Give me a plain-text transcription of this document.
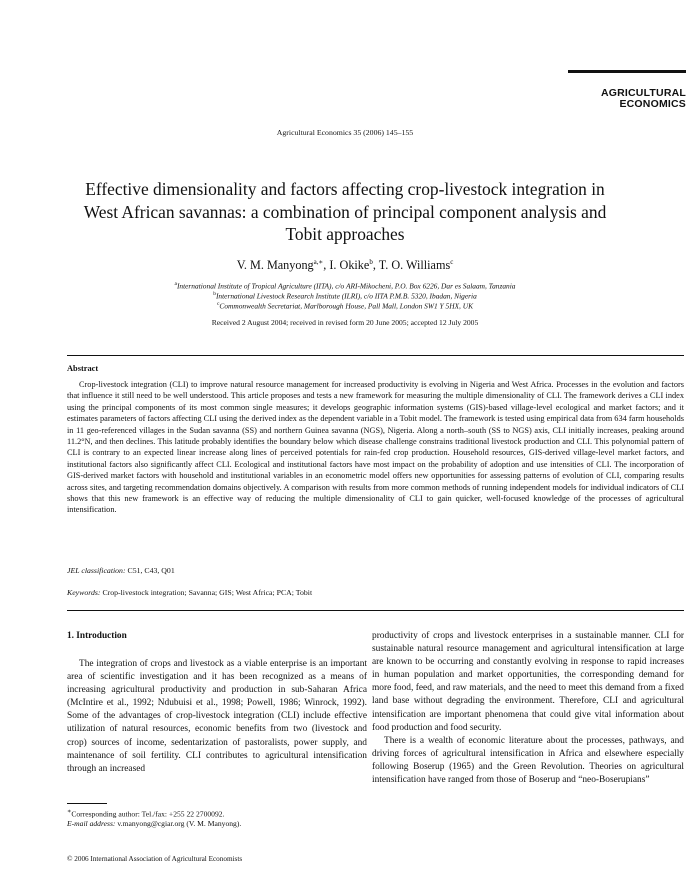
AGRICULTURAL
ECONOMICS
Agricultural Economics 35 (2006) 145–155
Effective dimensionality and factors affecting crop-livestock integration in West African savannas: a combination of principal component analysis and Tobit approaches
V. M. Manyong$^{a,∗}$, I. Okike$^b$, T. O. Williams$^c$
$^a$International Institute of Tropical Agriculture (IITA), c/o ARI-Mikocheni, P.O. Box 6226, Dar es Salaam, Tanzania
$^b$International Livestock Research Institute (ILRI), c/o IITA P.M.B. 5320, Ibadan, Nigeria
$^c$Commonwealth Secretariat, Marlborough House, Pall Mall, London SW1 Y 5HX, UK
Received 2 August 2004; received in revised form 20 June 2005; accepted 12 July 2005
Abstract
Crop-livestock integration (CLI) to improve natural resource management for increased productivity is evolving in Nigeria and West Africa. Processes in the evolution and factors that influence it still need to be well understood. This article proposes and tests a new framework for measuring the multiple dimensionality of CLI. The framework derives a CLI index using the principal components of its most common single measures; it develops geographic information systems (GIS)-based village-level ecological and market factors; and it estimates parameters of factors affecting CLI using the derived index as the dependent variable in a Tobit model. The framework is tested using empirical data from 634 farm households in 11 geo-referenced villages in the Sudan savanna (SS) and northern Guinea savanna (NGS), Nigeria. Along a north–south (SS to NGS) axis, CLI initially increases, peaking around 11.2°N, and then declines. This latitude probably identifies the boundary below which disease challenge constrains traditional livestock production and CLI. This polynomial pattern of CLI is contrary to an expected linear increase along lines of perceived potentials for rain-fed crop production. Household resources, GIS-derived village-level market factors, and institutional factors also significantly affect CLI. Ecological and institutional factors have most impact on the probability of adoption and use intensities of CLI. The incorporation of GIS-derived market factors with household and institutional variables in an econometric model offers new opportunities for assessing patterns of evolution of CLI, comparing results across sites, and targeting recommendation domains objectively. A comparison with results from more common methods of running independent models for individual indicators of CLI shows that this new framework is an effective way of reducing the multiple dimensionality of CLI to gain quicker, well-focused knowledge of the processes of agricultural intensification.
JEL classification: C51, C43, Q01
Keywords: Crop-livestock integration; Savanna; GIS; West Africa; PCA; Tobit
1. Introduction

The integration of crops and livestock as a viable enterprise is an important area of scientific investigation and it has been recognized as a means of increasing agricultural productivity and production in sub-Saharan Africa (McIntire et al., 1992; Ndubuisi et al., 1998; Powell, 1986; Winrock, 1992). Some of the advantages of crop-livestock integration (CLI) include effective utilization of natural resources, economic benefits from two (livestock and crop) sources of income, sedentarization of pastoralists, power supply, and maintenance of soil fertility. CLI contributes to agricultural intensification through an increased

productivity of crops and livestock enterprises in a sustainable manner. CLI for sustainable natural resource management and agricultural intensification at large are known to be occurring and constantly evolving in response to rapid increases in human population and market opportunities, the corresponding demand for more food, feed, and raw materials, and the need to meet this demand from a fixed land base without degrading the environment. Therefore, CLI and agricultural intensification are important phenomena that could give vital information about food production and food security.

There is a wealth of economic literature about the processes, pathways, and driving forces of agricultural intensification in Africa and elsewhere especially following Boserup (1965) and the Green Revolution. Theories on agricultural intensification have ranged from those of Boserup and “neo-Boserupians”

∗Corresponding author: Tel./fax: +255 22 2700092.
E-mail address: v.manyong@cgiar.org (V. M. Manyong).
© 2006 International Association of Agricultural Economists
